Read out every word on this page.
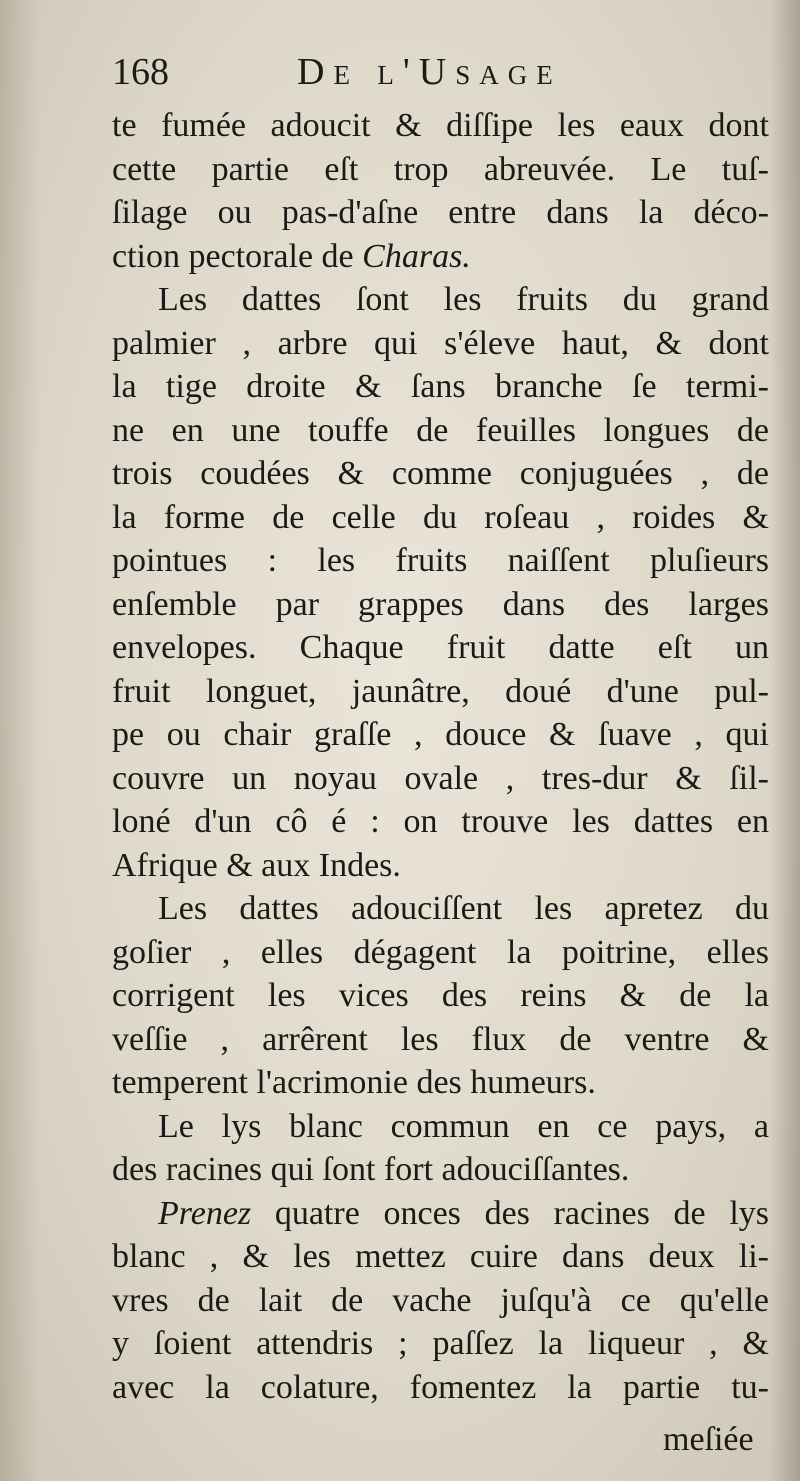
168	De l'Usage
te fumée adoucit & diſſipe les eaux dont
cette partie eſt trop abreuvée. Le tuſ-
ſilage ou pas-d'aſne entre dans la déco-
ction pectorale de Charas.
Les dattes ſont les fruits du grand
palmier , arbre qui s'éleve haut, & dont
la tige droite & ſans branche ſe termi-
ne en une touffe de feuilles longues de
trois coudées & comme conjuguées , de
la forme de celle du roſeau , roides &
pointues : les fruits naiſſent pluſieurs
enſemble par grappes dans des larges
envelopes. Chaque fruit datte eſt un
fruit longuet, jaunâtre, doué d'une pul-
pe ou chair graſſe , douce & ſuave , qui
couvre un noyau ovale , tres-dur & ſil-
loné d'un cô é : on trouve les dattes en
Afrique & aux Indes.
Les dattes adouciſſent les apretez du
goſier , elles dégagent la poitrine, elles
corrigent les vices des reins & de la
veſſie , arrêrent les flux de ventre &
temperent l'acrimonie des humeurs.
Le lys blanc commun en ce pays, a
des racines qui ſont fort adouciſſantes.
Prenez quatre onces des racines de lys
blanc , & les mettez cuire dans deux li-
vres de lait de vache juſqu'à ce qu'elle
y ſoient attendris ; paſſez la liqueur , &
avec la colature, fomentez la partie tu-
meſiée
